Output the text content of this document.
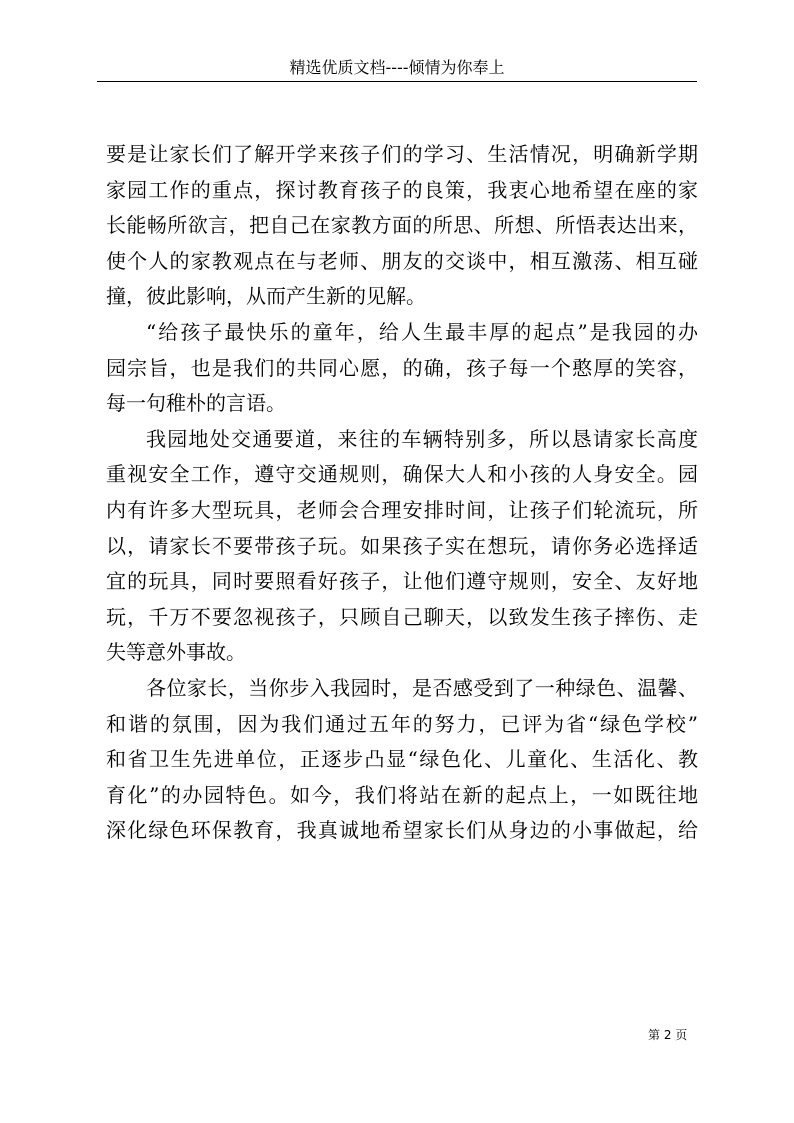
精选优质文档----倾情为你奉上
要是让家长们了解开学来孩子们的学习、生活情况，明确新学期
家园工作的重点，探讨教育孩子的良策，我衷心地希望在座的家
长能畅所欲言，把自己在家教方面的所思、所想、所悟表达出来，
使个人的家教观点在与老师、朋友的交谈中，相互激荡、相互碰
撞，彼此影响，从而产生新的见解。
“给孩子最快乐的童年，给人生最丰厚的起点”是我园的办
园宗旨，也是我们的共同心愿，的确，孩子每一个憨厚的笑容，
每一句稚朴的言语。
我园地处交通要道，来往的车辆特别多，所以恳请家长高度
重视安全工作，遵守交通规则，确保大人和小孩的人身安全。园
内有许多大型玩具，老师会合理安排时间，让孩子们轮流玩，所
以，请家长不要带孩子玩。如果孩子实在想玩，请你务必选择适
宜的玩具，同时要照看好孩子，让他们遵守规则，安全、友好地
玩，千万不要忽视孩子，只顾自己聊天，以致发生孩子摔伤、走
失等意外事故。
各位家长，当你步入我园时，是否感受到了一种绿色、温馨、
和谐的氛围，因为我们通过五年的努力，已评为省“绿色学校”
和省卫生先进单位，正逐步凸显“绿色化、儿童化、生活化、教
育化”的办园特色。如今，我们将站在新的起点上，一如既往地
深化绿色环保教育，我真诚地希望家长们从身边的小事做起，给
第 2 页
